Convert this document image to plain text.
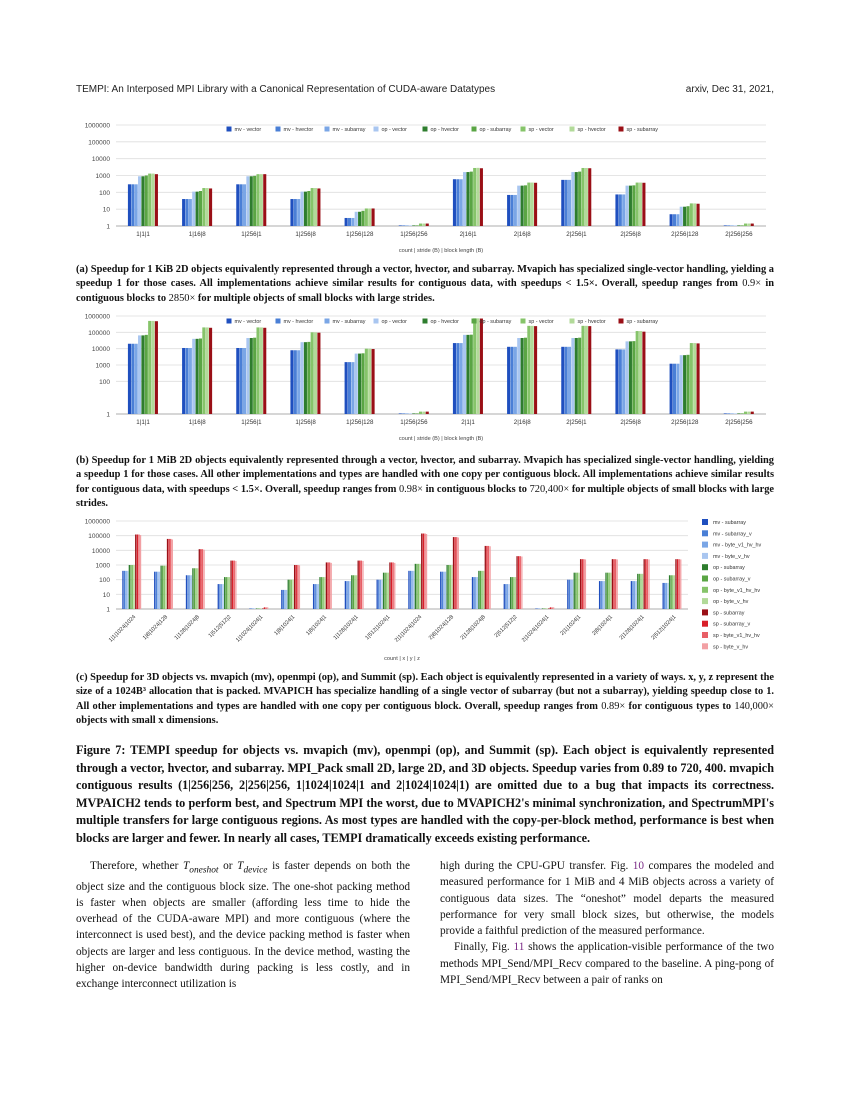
TEMPI: An Interposed MPI Library with a Canonical Representation of CUDA-aware Datatypes	arxiv, Dec 31, 2021,
1
10
100
1000
10000
100000
1000000
1|1|1	1|16|8	1|256|1	1|256|8	1|256|128	1|256|256	2|16|1	2|16|8	2|256|1	2|256|8	2|256|128	2|256|256
count | stride (B) | block length (B)
mv - vector	mv - hvector	mv - subarray	op - vector	op - hvector	op - subarray	sp - vector	sp - hvector	sp - subarray
(a) Speedup for 1 KiB 2D objects equivalently represented through a vector, hvector, and subarray. Mvapich has specialized single-vector handling, yielding a speedup 1 for those cases. All implementations achieve similar results for contiguous data, with speedups < 1.5×. Overall, speedup ranges from 0.9× in contiguous blocks to 2850× for multiple objects of small blocks with large strides.
1
100
1000
10000
100000
1000000
1|1|1	1|16|8	1|256|1	1|256|8	1|256|128	1|256|256	2|1|1	2|16|8	2|256|1	2|256|8	2|256|128	2|256|256
count | stride (B) | block length (B)
mv - vector	mv - hvector	mv - subarray	op - vector	op - hvector	op - subarray	sp - vector	sp - hvector	sp - subarray
(b) Speedup for 1 MiB 2D objects equivalently represented through a vector, hvector, and subarray. Mvapich has specialized single-vector handling, yielding a speedup 1 for those cases. All other implementations and types are handled with one copy per contiguous block. All implementations achieve similar results for contiguous data, with speedups < 1.5×. Overall, speedup ranges from 0.98× in contiguous blocks to 720,400× for multiple objects of small blocks with large strides.
1
10
100
1000
10000
100000
1000000
1|1|1024|1024 1|8|1024|128 1|128|1024|8 1|512|512|2 1|1024|1024|1 1|8|1024|1 1|8|1024|1 1|128|1024|1 1|512|1024|1 2|1|1024|1024 2|8|1024|128 2|128|1024|8 2|512|512|2 2|1024|1024|1 2|1|1024|1 2|8|1024|1 2|128|1024|1 2|512|1024|1
count | x | y | z
mv - subarray
mv - subarray_v
mv - byte_v1_hv_hv
mv - byte_v_hv
op - subarray
op - subarray_v
op - byte_v1_hv_hv
op - byte_v_hv
sp - subarray
sp - subarray_v
sp - byte_v1_hv_hv
sp - byte_v_hv
(c) Speedup for 3D objects vs. mvapich (mv), openmpi (op), and Summit (sp). Each object is equivalently represented in a variety of ways. x, y, z represent the size of a 1024B³ allocation that is packed. MVAPICH has specialize handling of a single vector of subarray (but not a subarray), yielding speedup close to 1. All other implementations and types are handled with one copy per contiguous block. Overall, speedup ranges from 0.89× for contiguous types to 140,000× objects with small x dimensions.
Figure 7: TEMPI speedup for objects vs. mvapich (mv), openmpi (op), and Summit (sp). Each object is equivalently represented through a vector, hvector, and subarray. MPI_Pack small 2D, large 2D, and 3D objects. Speedup varies from 0.89 to 720, 400. mvapich contiguous results (1|256|256, 2|256|256, 1|1024|1024|1 and 2|1024|1024|1) are omitted due to a bug that impacts its correctness. MVPAICH2 tends to perform best, and Spectrum MPI the worst, due to MVAPICH2's minimal synchronization, and SpectrumMPI's multiple transfers for large contiguous regions. As most types are handled with the copy-per-block method, performance is best when blocks are larger and fewer. In nearly all cases, TEMPI dramatically exceeds existing performance.

Therefore, whether $T_{oneshot}$ or $T_{device}$ is faster depends on both the object size and the contiguous block size. The one-shot packing method is faster when objects are smaller (affording less time to hide the overhead of the CUDA-aware MPI) and more contiguous (where the interconnect is used best), and the device packing method is faster when objects are larger and less contiguous. In the device method, wasting the higher on-device bandwidth during packing is less costly, and in exchange interconnect utilization is

high during the CPU-GPU transfer. Fig. 10 compares the modeled and measured performance for 1 MiB and 4 MiB objects across a variety of contiguous data sizes. The “oneshot” model departs the measured performance for very small block sizes, but otherwise, the models provide a faithful prediction of the measured performance.

Finally, Fig. 11 shows the application-visible performance of the two methods MPI_Send/MPI_Recv compared to the baseline. A ping-pong of MPI_Send/MPI_Recv between a pair of ranks on
